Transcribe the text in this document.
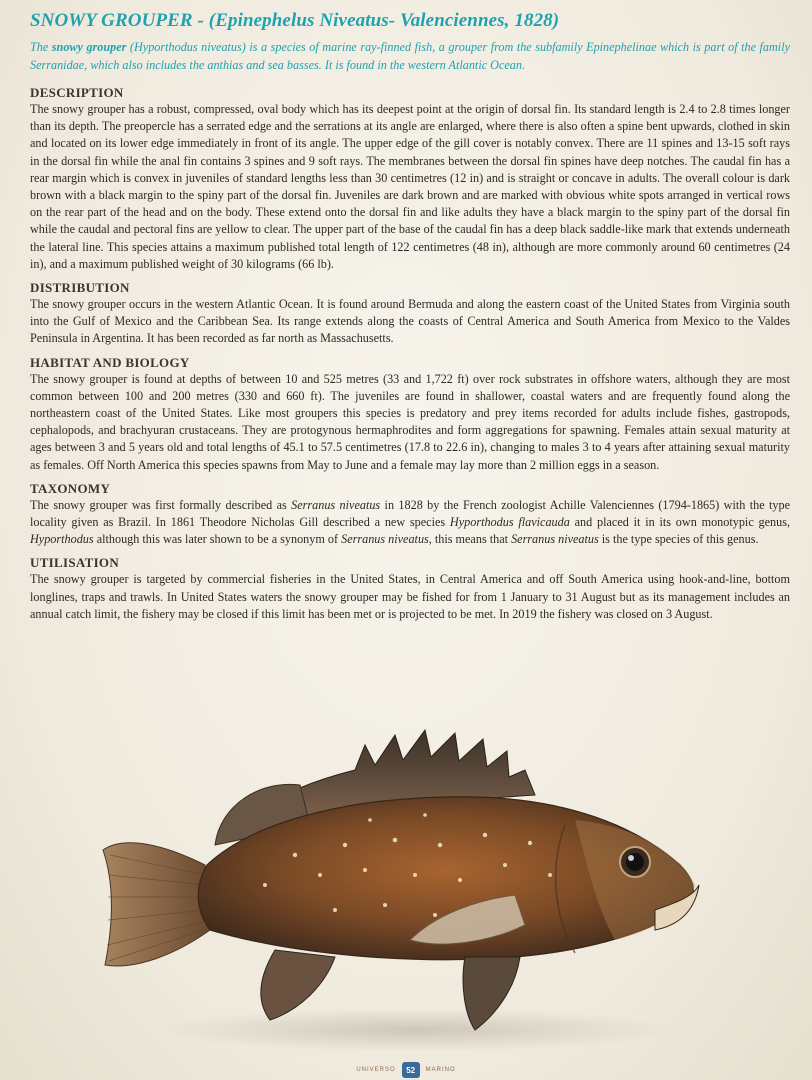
SNOWY GROUPER - (Epinephelus Niveatus- Valenciennes, 1828)

The snowy grouper (Hyporthodus niveatus) is a species of marine ray-finned fish, a grouper from the subfamily Epinephelinae which is part of the family Serranidae, which also includes the anthias and sea basses. It is found in the western Atlantic Ocean.

DESCRIPTION

The snowy grouper has a robust, compressed, oval body which has its deepest point at the origin of dorsal fin. Its standard length is 2.4 to 2.8 times longer than its depth. The preopercle has a serrated edge and the serrations at its angle are enlarged, where there is also often a spine bent upwards, clothed in skin and located on its lower edge immediately in front of its angle. The upper edge of the gill cover is notably convex. There are 11 spines and 13-15 soft rays in the dorsal fin while the anal fin contains 3 spines and 9 soft rays. The membranes between the dorsal fin spines have deep notches. The caudal fin has a rear margin which is convex in juveniles of standard lengths less than 30 centimetres (12 in) and is straight or concave in adults. The overall colour is dark brown with a black margin to the spiny part of the dorsal fin. Juveniles are dark brown and are marked with obvious white spots arranged in vertical rows on the rear part of the head and on the body. These extend onto the dorsal fin and like adults they have a black margin to the spiny part of the dorsal fin while the caudal and pectoral fins are yellow to clear. The upper part of the base of the caudal fin has a deep black saddle-like mark that extends underneath the lateral line. This species attains a maximum published total length of 122 centimetres (48 in), although are more commonly around 60 centimetres (24 in), and a maximum published weight of 30 kilograms (66 lb).

DISTRIBUTION

The snowy grouper occurs in the western Atlantic Ocean. It is found around Bermuda and along the eastern coast of the United States from Virginia south into the Gulf of Mexico and the Caribbean Sea. Its range extends along the coasts of Central America and South America from Mexico to the Valdes Peninsula in Argentina. It has been recorded as far north as Massachusetts.

HABITAT AND BIOLOGY

The snowy grouper is found at depths of between 10 and 525 metres (33 and 1,722 ft) over rock substrates in offshore waters, although they are most common between 100 and 200 metres (330 and 660 ft). The juveniles are found in shallower, coastal waters and are frequently found along the northeastern coast of the United States. Like most groupers this species is predatory and prey items recorded for adults include fishes, gastropods, cephalopods, and brachyuran crustaceans. They are protogynous hermaphrodites and form aggregations for spawning. Females attain sexual maturity at ages between 3 and 5 years old and total lengths of 45.1 to 57.5 centimetres (17.8 to 22.6 in), changing to males 3 to 4 years after attaining sexual maturity as females. Off North America this species spawns from May to June and a female may lay more than 2 million eggs in a season.

TAXONOMY

The snowy grouper was first formally described as Serranus niveatus in 1828 by the French zoologist Achille Valenciennes (1794-1865) with the type locality given as Brazil. In 1861 Theodore Nicholas Gill described a new species Hyporthodus flavicauda and placed it in its own monotypic genus, Hyporthodus although this was later shown to be a synonym of Serranus niveatus, this means that Serranus niveatus is the type species of this genus.

UTILISATION

The snowy grouper is targeted by commercial fisheries in the United States, in Central America and off South America using hook-and-line, bottom longlines, traps and trawls. In United States waters the snowy grouper may be fished for from 1 January to 31 August but as its management includes an annual catch limit, the fishery may be closed if this limit has been met or is projected to be met. In 2019 the fishery was closed on 3 August.

UNIVERSO	52	MARINO
